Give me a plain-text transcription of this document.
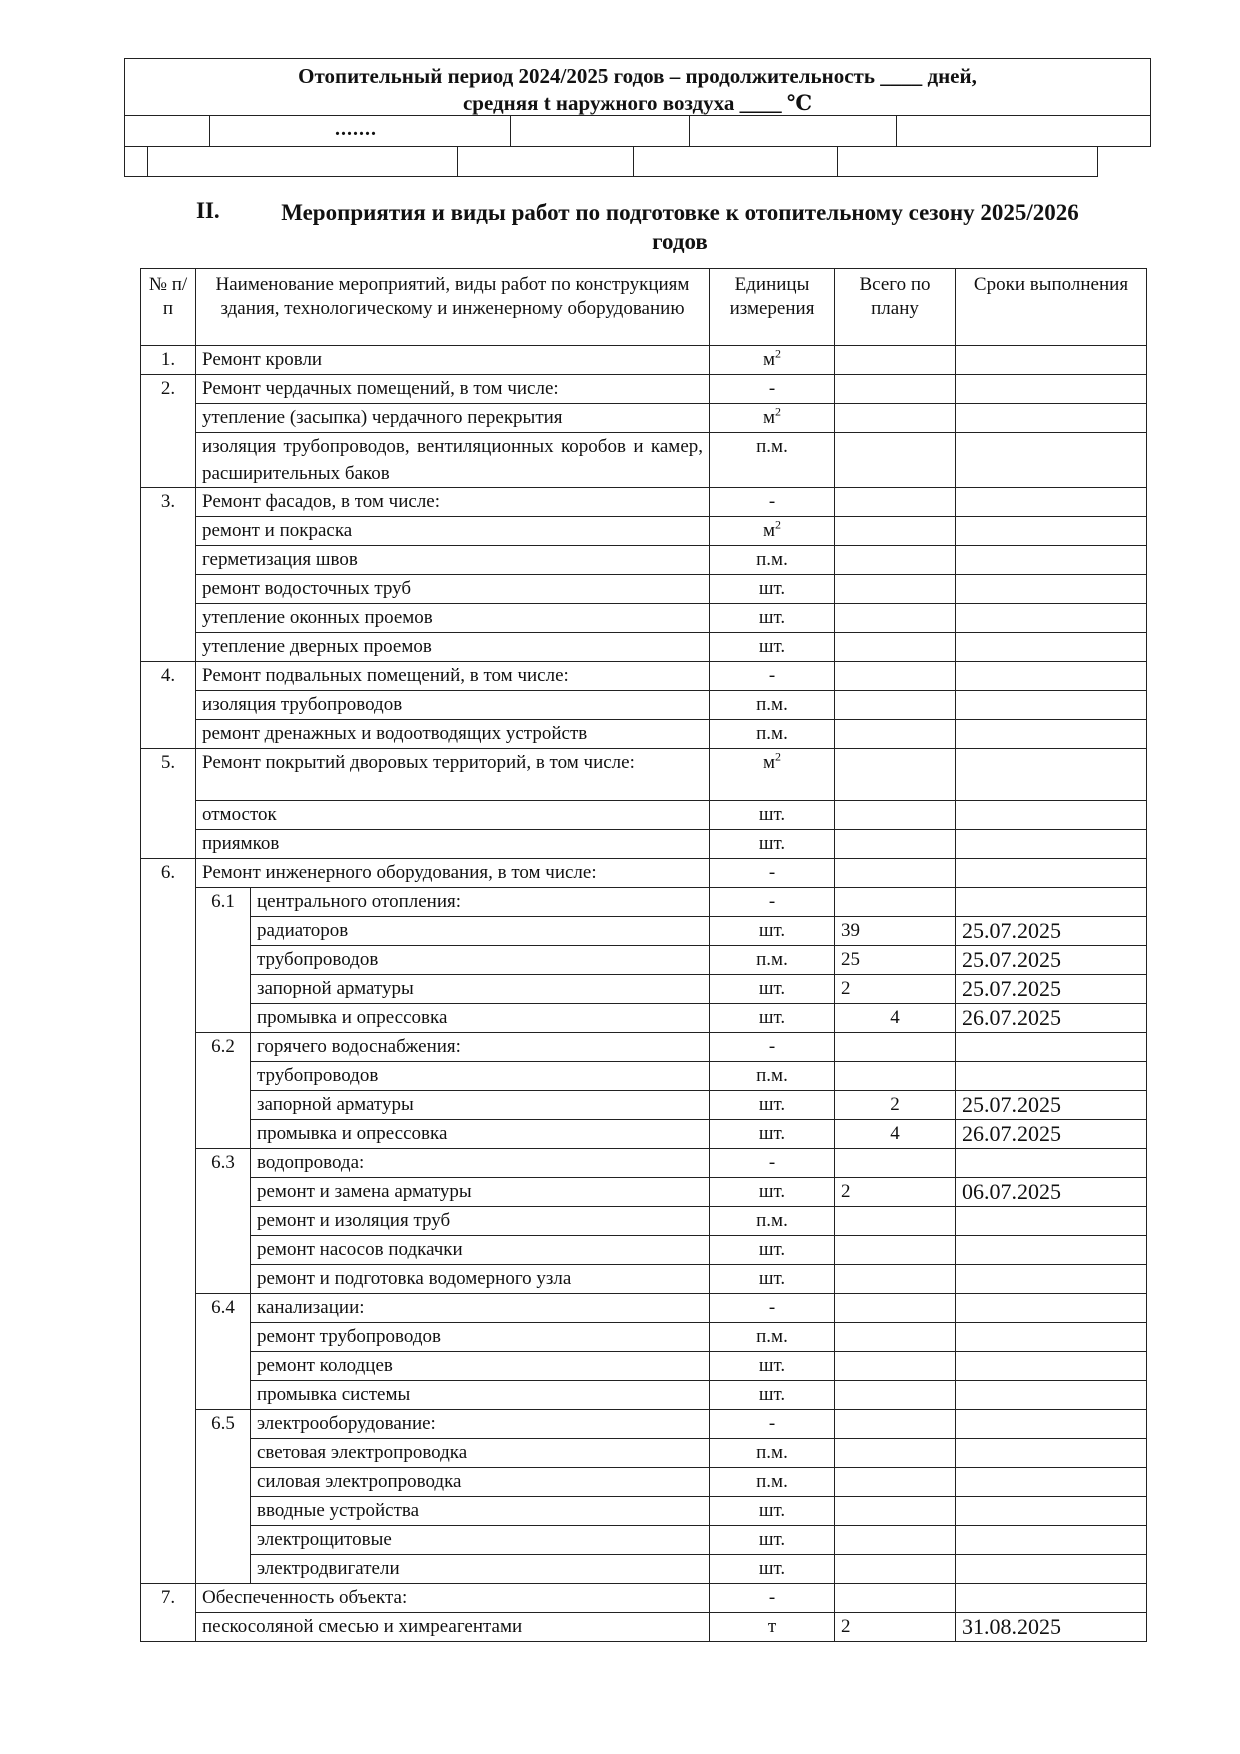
Отопительный период 2024/2025 годов – продолжительность ____ дней,
средняя t наружного воздуха ____ ℃
.......
II.	Мероприятия и виды работ по подготовке к отопительному сезону 2025/2026 годов
№ п/п	Наименование мероприятий, виды работ по конструкциям здания, технологическому и инженерному оборудованию		Единицы измерения	Всего по плану	Сроки выполнения
1.	Ремонт кровли		$м^2$		
2.	Ремонт чердачных помещений, в том числе:		-		
	утепление (засыпка) чердачного перекрытия		$м^2$		
	изоляция трубопроводов, вентиляционных коробов и камер, расширительных баков		п.м.		
3.	Ремонт фасадов, в том числе:		-		
	ремонт и покраска		$м^2$		
	герметизация швов		п.м.		
	ремонт водосточных труб		шт.		
	утепление оконных проемов		шт.		
	утепление дверных проемов		шт.		
4.	Ремонт подвальных помещений, в том числе:		-		
	изоляция трубопроводов		п.м.		
	ремонт дренажных и водоотводящих устройств		п.м.		
5.	Ремонт покрытий дворовых территорий, в том числе:		$м^2$		
	отмосток		шт.		
	приямков		шт.		
6.	Ремонт инженерного оборудования, в том числе:		-		
	6.1	центрального отопления:	-		
		радиаторов	шт.	39	25.07.2025
		трубопроводов	п.м.	25	25.07.2025
		запорной арматуры	шт.	2	25.07.2025
		промывка и опрессовка	шт.	4	26.07.2025
	6.2	горячего водоснабжения:	-		
		трубопроводов	п.м.		
		запорной арматуры	шт.	2	25.07.2025
		промывка и опрессовка	шт.	4	26.07.2025
	6.3	водопровода:	-		
		ремонт и замена арматуры	шт.	2	06.07.2025
		ремонт и изоляция труб	п.м.		
		ремонт насосов подкачки	шт.		
		ремонт и подготовка водомерного узла	шт.		
	6.4	канализации:	-		
		ремонт трубопроводов	п.м.		
		ремонт колодцев	шт.		
		промывка системы	шт.		
	6.5	электрооборудование:	-		
		световая электропроводка	п.м.		
		силовая электропроводка	п.м.		
		вводные устройства	шт.		
		электрощитовые	шт.		
		электродвигатели	шт.		
7.	Обеспеченность объекта:		-		
	пескосоляной смесью и химреагентами		т	2	31.08.2025
